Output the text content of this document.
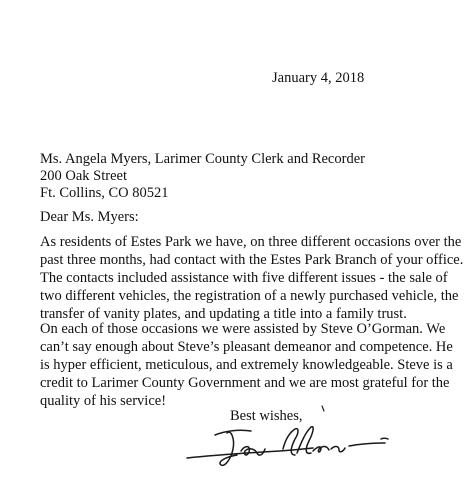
January 4, 2018
Ms. Angela Myers, Larimer County Clerk and Recorder
200 Oak Street
Ft. Collins, CO 80521
Dear Ms. Myers:
As residents of Estes Park we have, on three different occasions over the
past three months, had contact with the Estes Park Branch of your office.
The contacts included assistance with five different issues - the sale of
two different vehicles, the registration of a newly purchased vehicle, the
transfer of vanity plates, and updating a title into a family trust.
On each of those occasions we were assisted by Steve O’Gorman. We
can’t say enough about Steve’s pleasant demeanor and competence. He
is hyper efficient, meticulous, and extremely knowledgeable. Steve is a
credit to Larimer County Government and we are most grateful for the
quality of his service!
Best wishes,
